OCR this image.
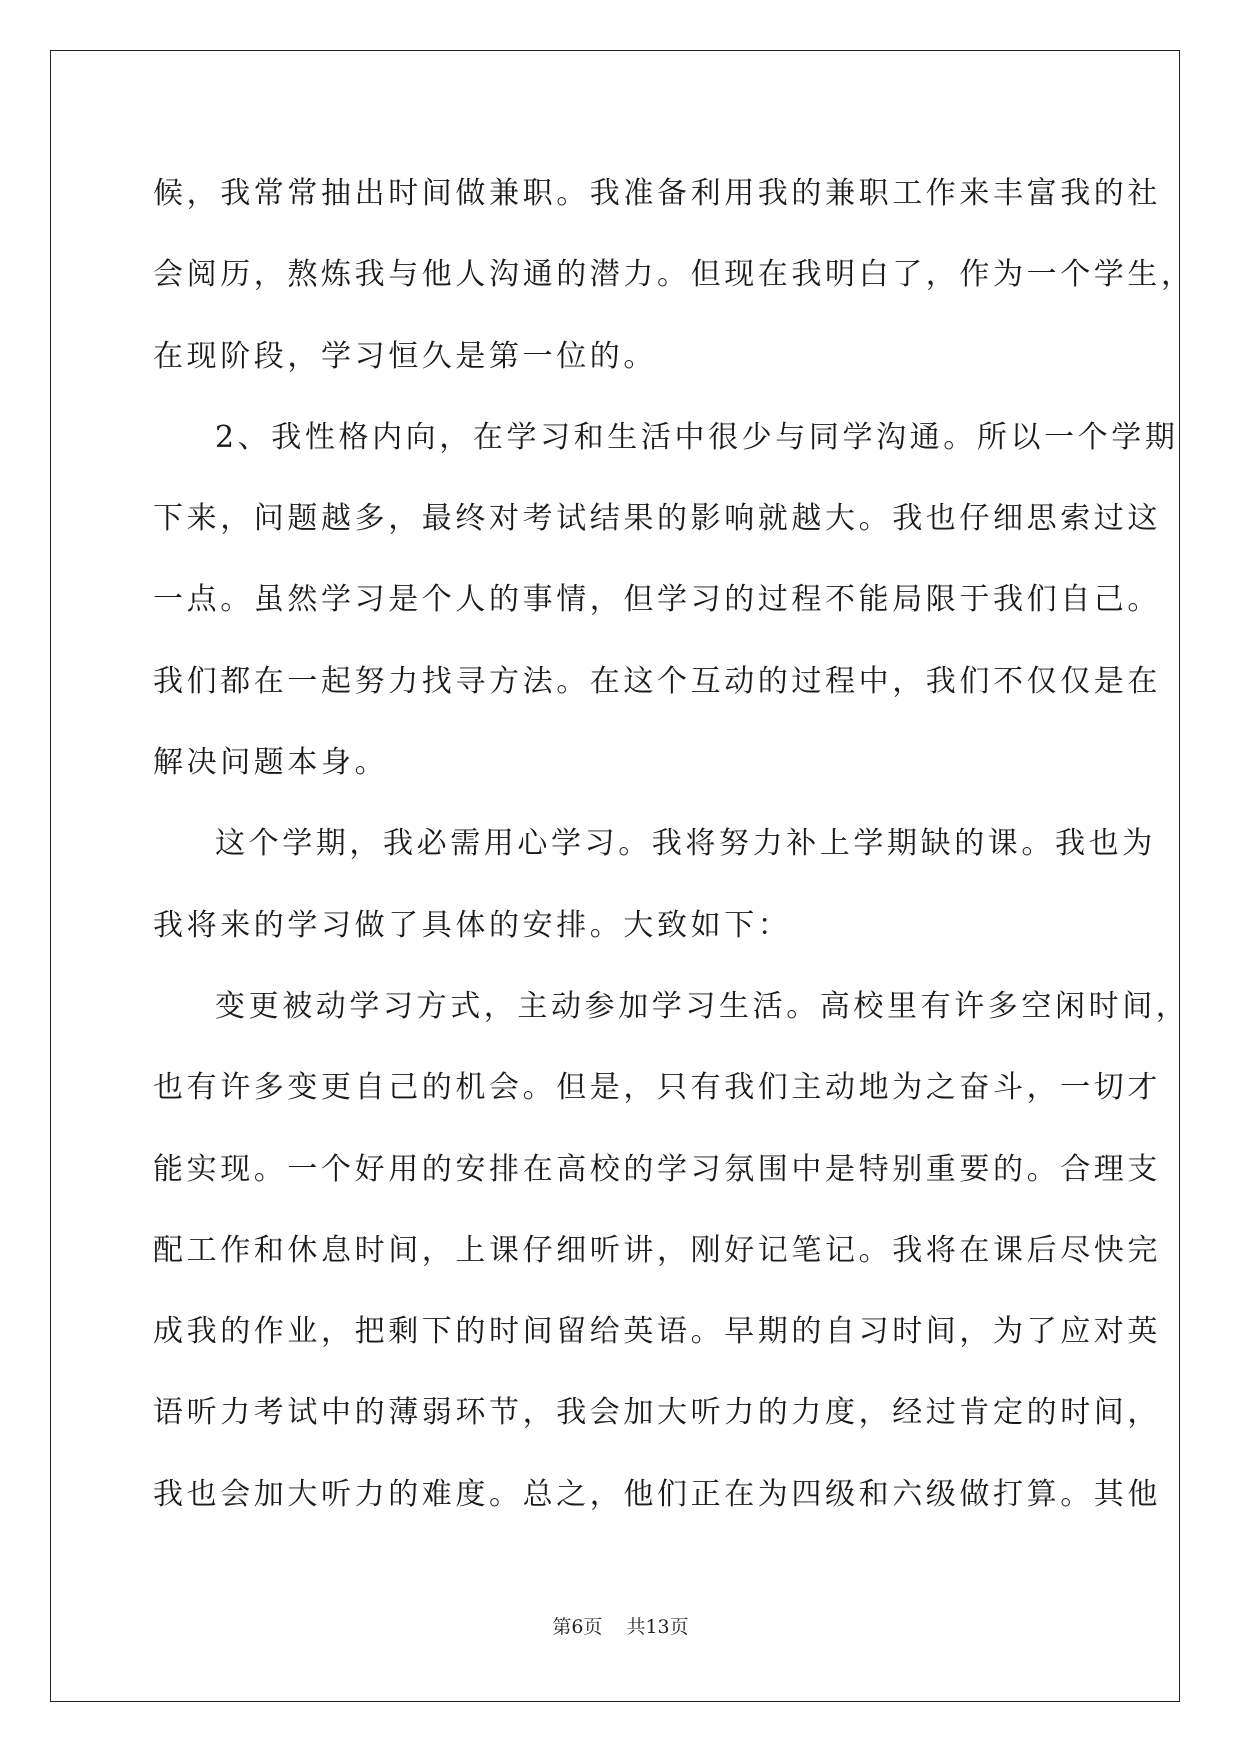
候，我常常抽出时间做兼职。我准备利用我的兼职工作来丰富我的社
会阅历，熬炼我与他人沟通的潜力。但现在我明白了，作为一个学生，
在现阶段，学习恒久是第一位的。
2、我性格内向，在学习和生活中很少与同学沟通。所以一个学期
下来，问题越多，最终对考试结果的影响就越大。我也仔细思索过这
一点。虽然学习是个人的事情，但学习的过程不能局限于我们自己。
我们都在一起努力找寻方法。在这个互动的过程中，我们不仅仅是在
解决问题本身。
这个学期，我必需用心学习。我将努力补上学期缺的课。我也为
我将来的学习做了具体的安排。大致如下：
变更被动学习方式，主动参加学习生活。高校里有许多空闲时间，
也有许多变更自己的机会。但是，只有我们主动地为之奋斗，一切才
能实现。一个好用的安排在高校的学习氛围中是特别重要的。合理支
配工作和休息时间，上课仔细听讲，刚好记笔记。我将在课后尽快完
成我的作业，把剩下的时间留给英语。早期的自习时间，为了应对英
语听力考试中的薄弱环节，我会加大听力的力度，经过肯定的时间，
我也会加大听力的难度。总之，他们正在为四级和六级做打算。其他
第6页 共13页
